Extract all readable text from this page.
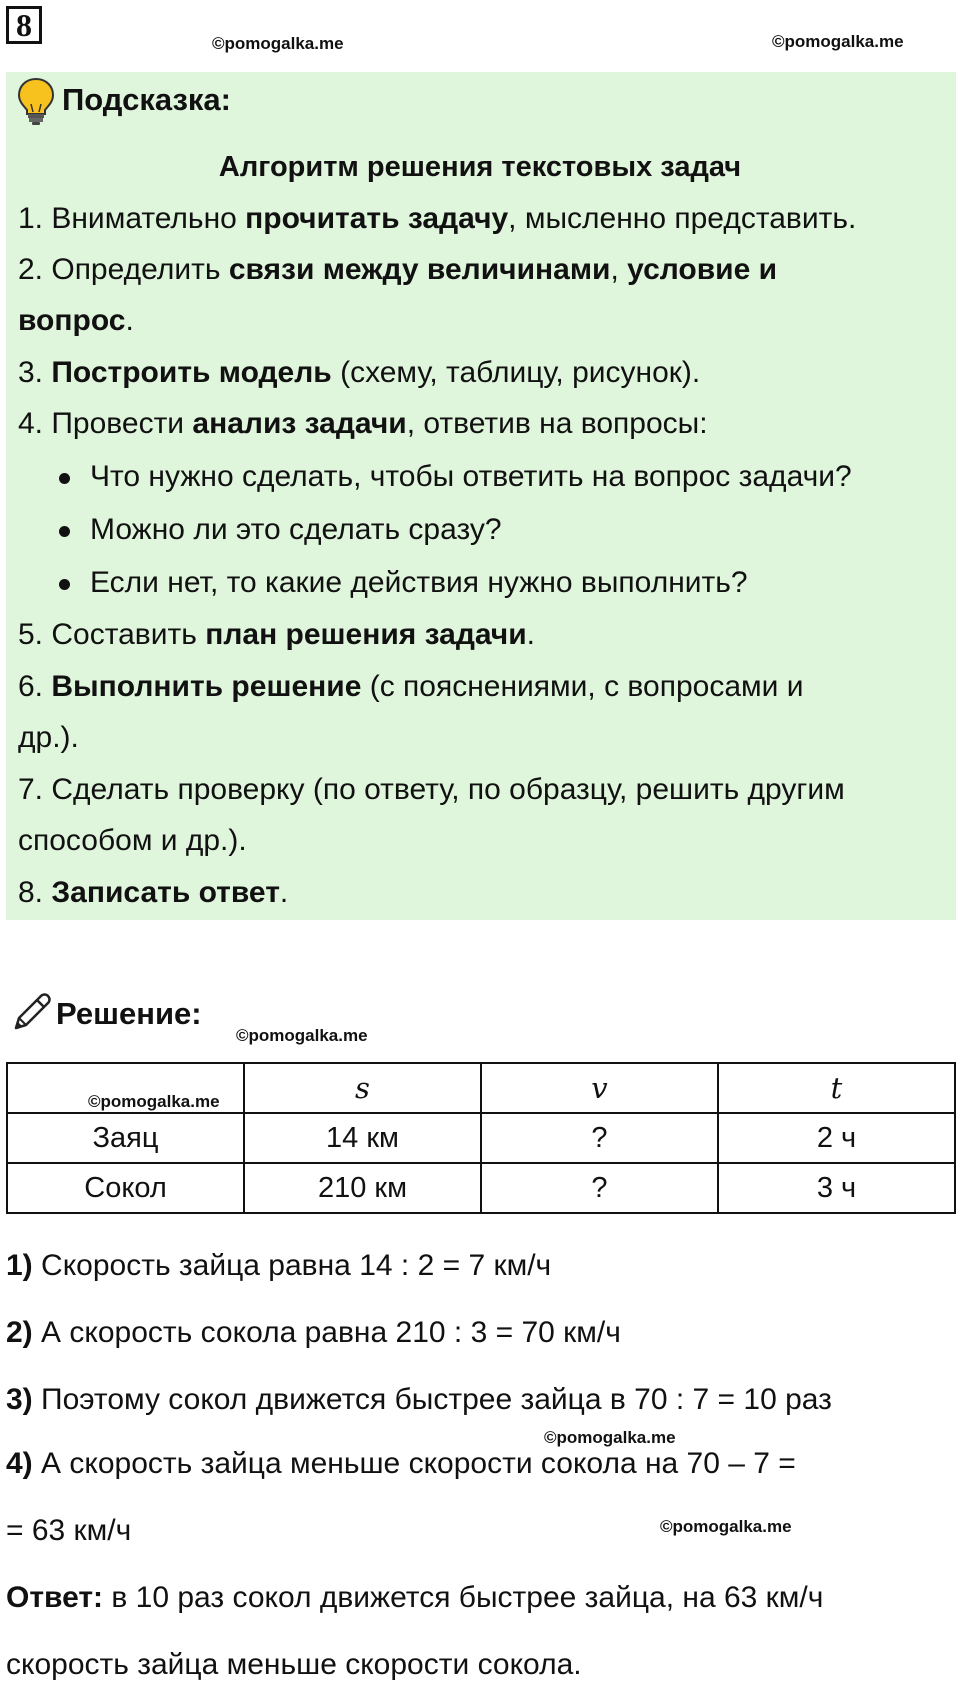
8
©pomogalka.me	©pomogalka.me
Подсказка:
Алгоритм решения текстовых задач
1. Внимательно прочитать задачу, мысленно представить.
2. Определить связи между величинами, условие и
вопрос.
3. Построить модель (схему, таблицу, рисунок).
4. Провести анализ задачи, ответив на вопросы:
Что нужно сделать, чтобы ответить на вопрос задачи?
Можно ли это сделать сразу?
Если нет, то какие действия нужно выполнить?
5. Составить план решения задачи.
6. Выполнить решение (с пояснениями, с вопросами и
др.).
7. Сделать проверку (по ответу, по образцу, решить другим
способом и др.).
8. Записать ответ.
Решение:
©pomogalka.me
©pomogalka.me	s	v	t
Заяц	14 км	?	2 ч
Сокол	210 км	?	3 ч
1) Скорость зайца равна 14 : 2 = 7 км/ч
2) А скорость сокола равна 210 : 3 = 70 км/ч
3) Поэтому сокол движется быстрее зайца в 70 : 7 = 10 раз
©pomogalka.me
4) А скорость зайца меньше скорости сокола на 70 – 7 =
= 63 км/ч	©pomogalka.me
Ответ: в 10 раз сокол движется быстрее зайца, на 63 км/ч
скорость зайца меньше скорости сокола.
